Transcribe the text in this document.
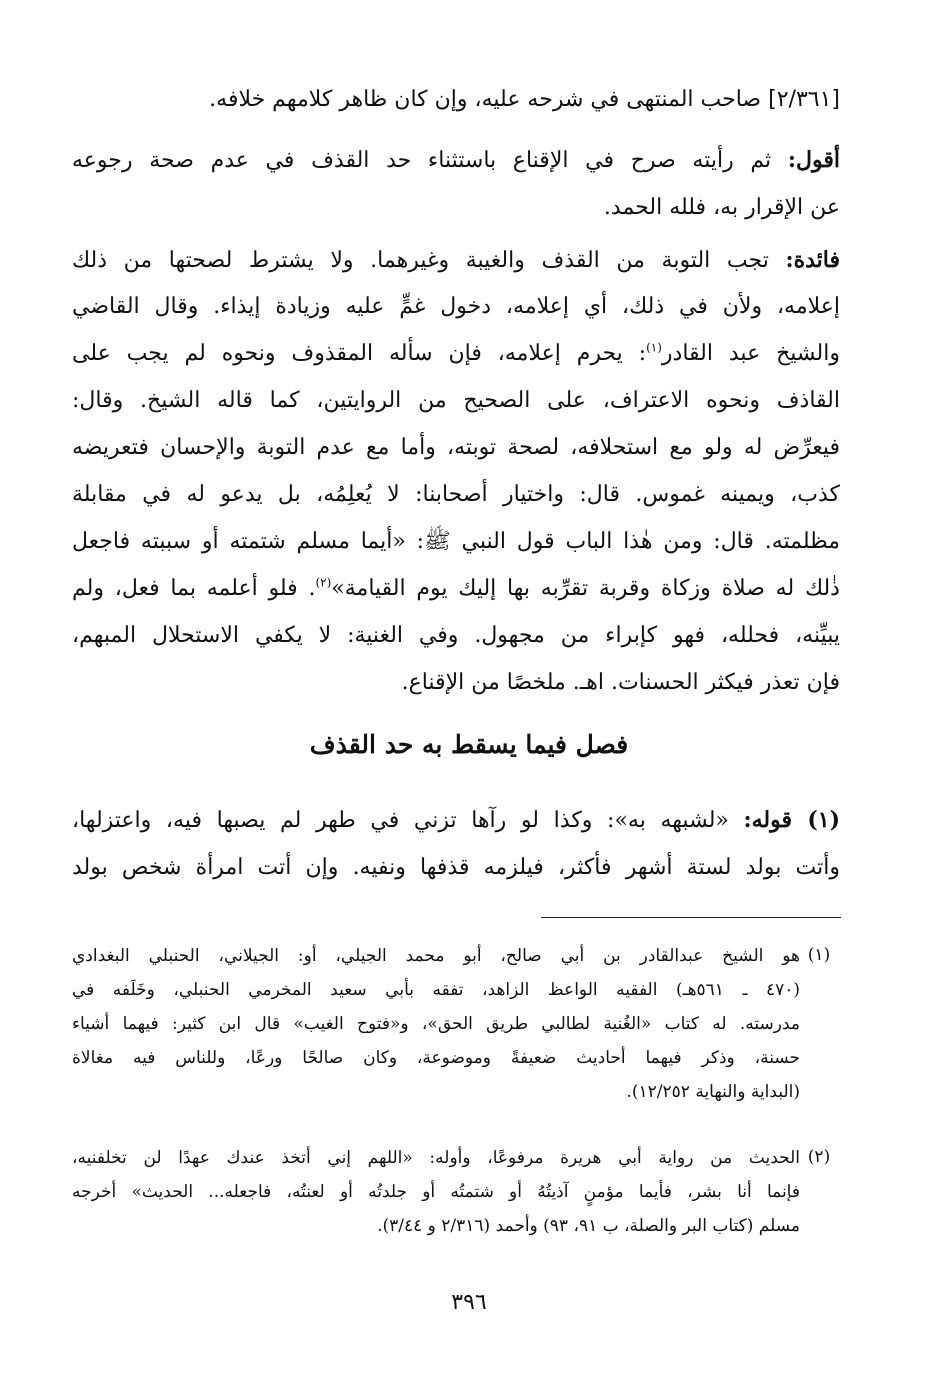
[٢/٣٦١] صاحب المنتهى في شرحه عليه، وإن كان ظاهر كلامهم خلافه.
أقول: ثم رأيته صرح في الإقناع باستثناء حد القذف في عدم صحة رجوعه
عن الإقرار به، فلله الحمد.
فائدة: تجب التوبة من القذف والغيبة وغيرهما. ولا يشترط لصحتها من ذلك
إعلامه، ولأن في ذلك، أي إعلامه، دخول غمٍّ عليه وزيادة إيذاء. وقال القاضي
والشيخ عبد القادر$^{(١)}$: يحرم إعلامه، فإن سأله المقذوف ونحوه لم يجب على
القاذف ونحوه الاعتراف، على الصحيح من الروايتين، كما قاله الشيخ. وقال:
فيعرِّض له ولو مع استحلافه، لصحة توبته، وأما مع عدم التوبة والإحسان فتعريضه
كذب، ويمينه غموس. قال: واختيار أصحابنا: لا يُعلِمُه، بل يدعو له في مقابلة
مظلمته. قال: ومن هٰذا الباب قول النبي ﷺ: «أيما مسلم شتمته أو سببته فاجعل
ذٰلك له صلاة وزكاة وقربة تقرِّبه بها إليك يوم القيامة»$^{(٢)}$. فلو أعلمه بما فعل، ولم
يبيِّنه، فحلله، فهو كإبراء من مجهول. وفي الغنية: لا يكفي الاستحلال المبهم،
فإن تعذر فيكثر الحسنات. اهـ. ملخصًا من الإقناع.
فصل فيما يسقط به حد القذف
(١) قوله: «لشبهه به»: وكذا لو رآها تزني في طهر لم يصبها فيه، واعتزلها،
وأتت بولد لستة أشهر فأكثر، فيلزمه قذفها ونفيه. وإن أتت امرأة شخص بولد
(١)
هو الشيخ عبدالقادر بن أبي صالح، أبو محمد الجيلي، أو: الجيلاني، الحنبلي البغدادي
(٤٧٠ ـ ٥٦١هـ) الفقيه الواعظ الزاهد، تفقه بأبي سعيد المخرمي الحنبلي، وخَلَفه في
مدرسته. له كتاب «الغُنية لطالبي طريق الحق»، و«فتوح الغيب» قال ابن كثير: فيهما أشياء
حسنة، وذكر فيهما أحاديث ضعيفةً وموضوعة، وكان صالحًا ورعًا، وللناس فيه مغالاة
(البداية والنهاية ١٢/٢٥٢).
(٢)
الحديث من رواية أبي هريرة مرفوعًا، وأوله: «اللهم إني أتخذ عندك عهدًا لن تخلفنيه،
فإنما أنا بشر، فأيما مؤمنٍ آذيتُهُ أو شتمتُه أو جلدتُه أو لعنتُه، فاجعله... الحديث» أخرجه
مسلم (كتاب البر والصلة، ب ٩١، ٩٣) وأحمد (٢/٣١٦ و ٣/٤٤).
٣٩٦
